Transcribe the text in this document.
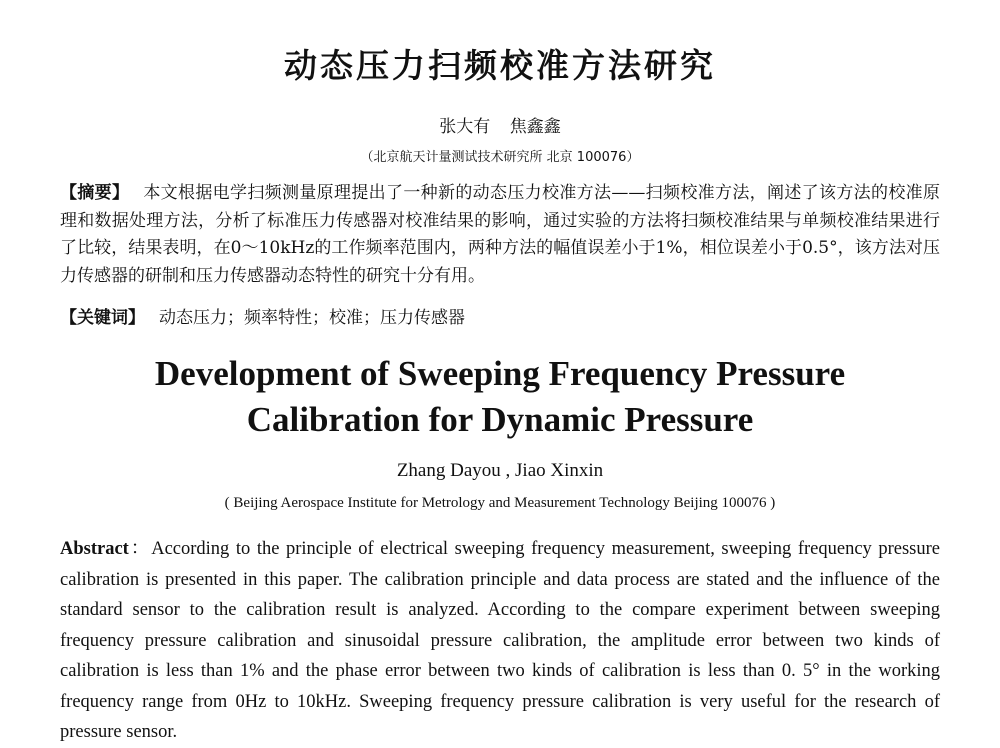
动态压力扫频校准方法研究
张大有 焦鑫鑫
（北京航天计量测试技术研究所 北京 100076）
【摘要】 本文根据电学扫频测量原理提出了一种新的动态压力校准方法——扫频校准方法，阐述了该方法的校准原理和数据处理方法，分析了标准压力传感器对校准结果的影响，通过实验的方法将扫频校准结果与单频校准结果进行了比较，结果表明，在0～10kHz的工作频率范围内，两种方法的幅值误差小于1%，相位误差小于0.5°，该方法对压力传感器的研制和压力传感器动态特性的研究十分有用。
【关键词】 动态压力；频率特性；校准；压力传感器
Development of Sweeping Frequency Pressure
Calibration for Dynamic Pressure
Zhang Dayou , Jiao Xinxin
( Beijing Aerospace Institute for Metrology and Measurement Technology Beijing 100076 )
Abstract：According to the principle of electrical sweeping frequency measurement, sweeping frequency pressure calibration is presented in this paper. The calibration principle and data process are stated and the influence of the standard sensor to the calibration result is analyzed. According to the compare experiment between sweeping frequency pressure calibration and sinusoidal pressure calibration, the amplitude error between two kinds of calibration is less than 1% and the phase error between two kinds of calibration is less than 0. 5° in the working frequency range from 0Hz to 10kHz. Sweeping frequency pressure calibration is very useful for the research of pressure sensor.
